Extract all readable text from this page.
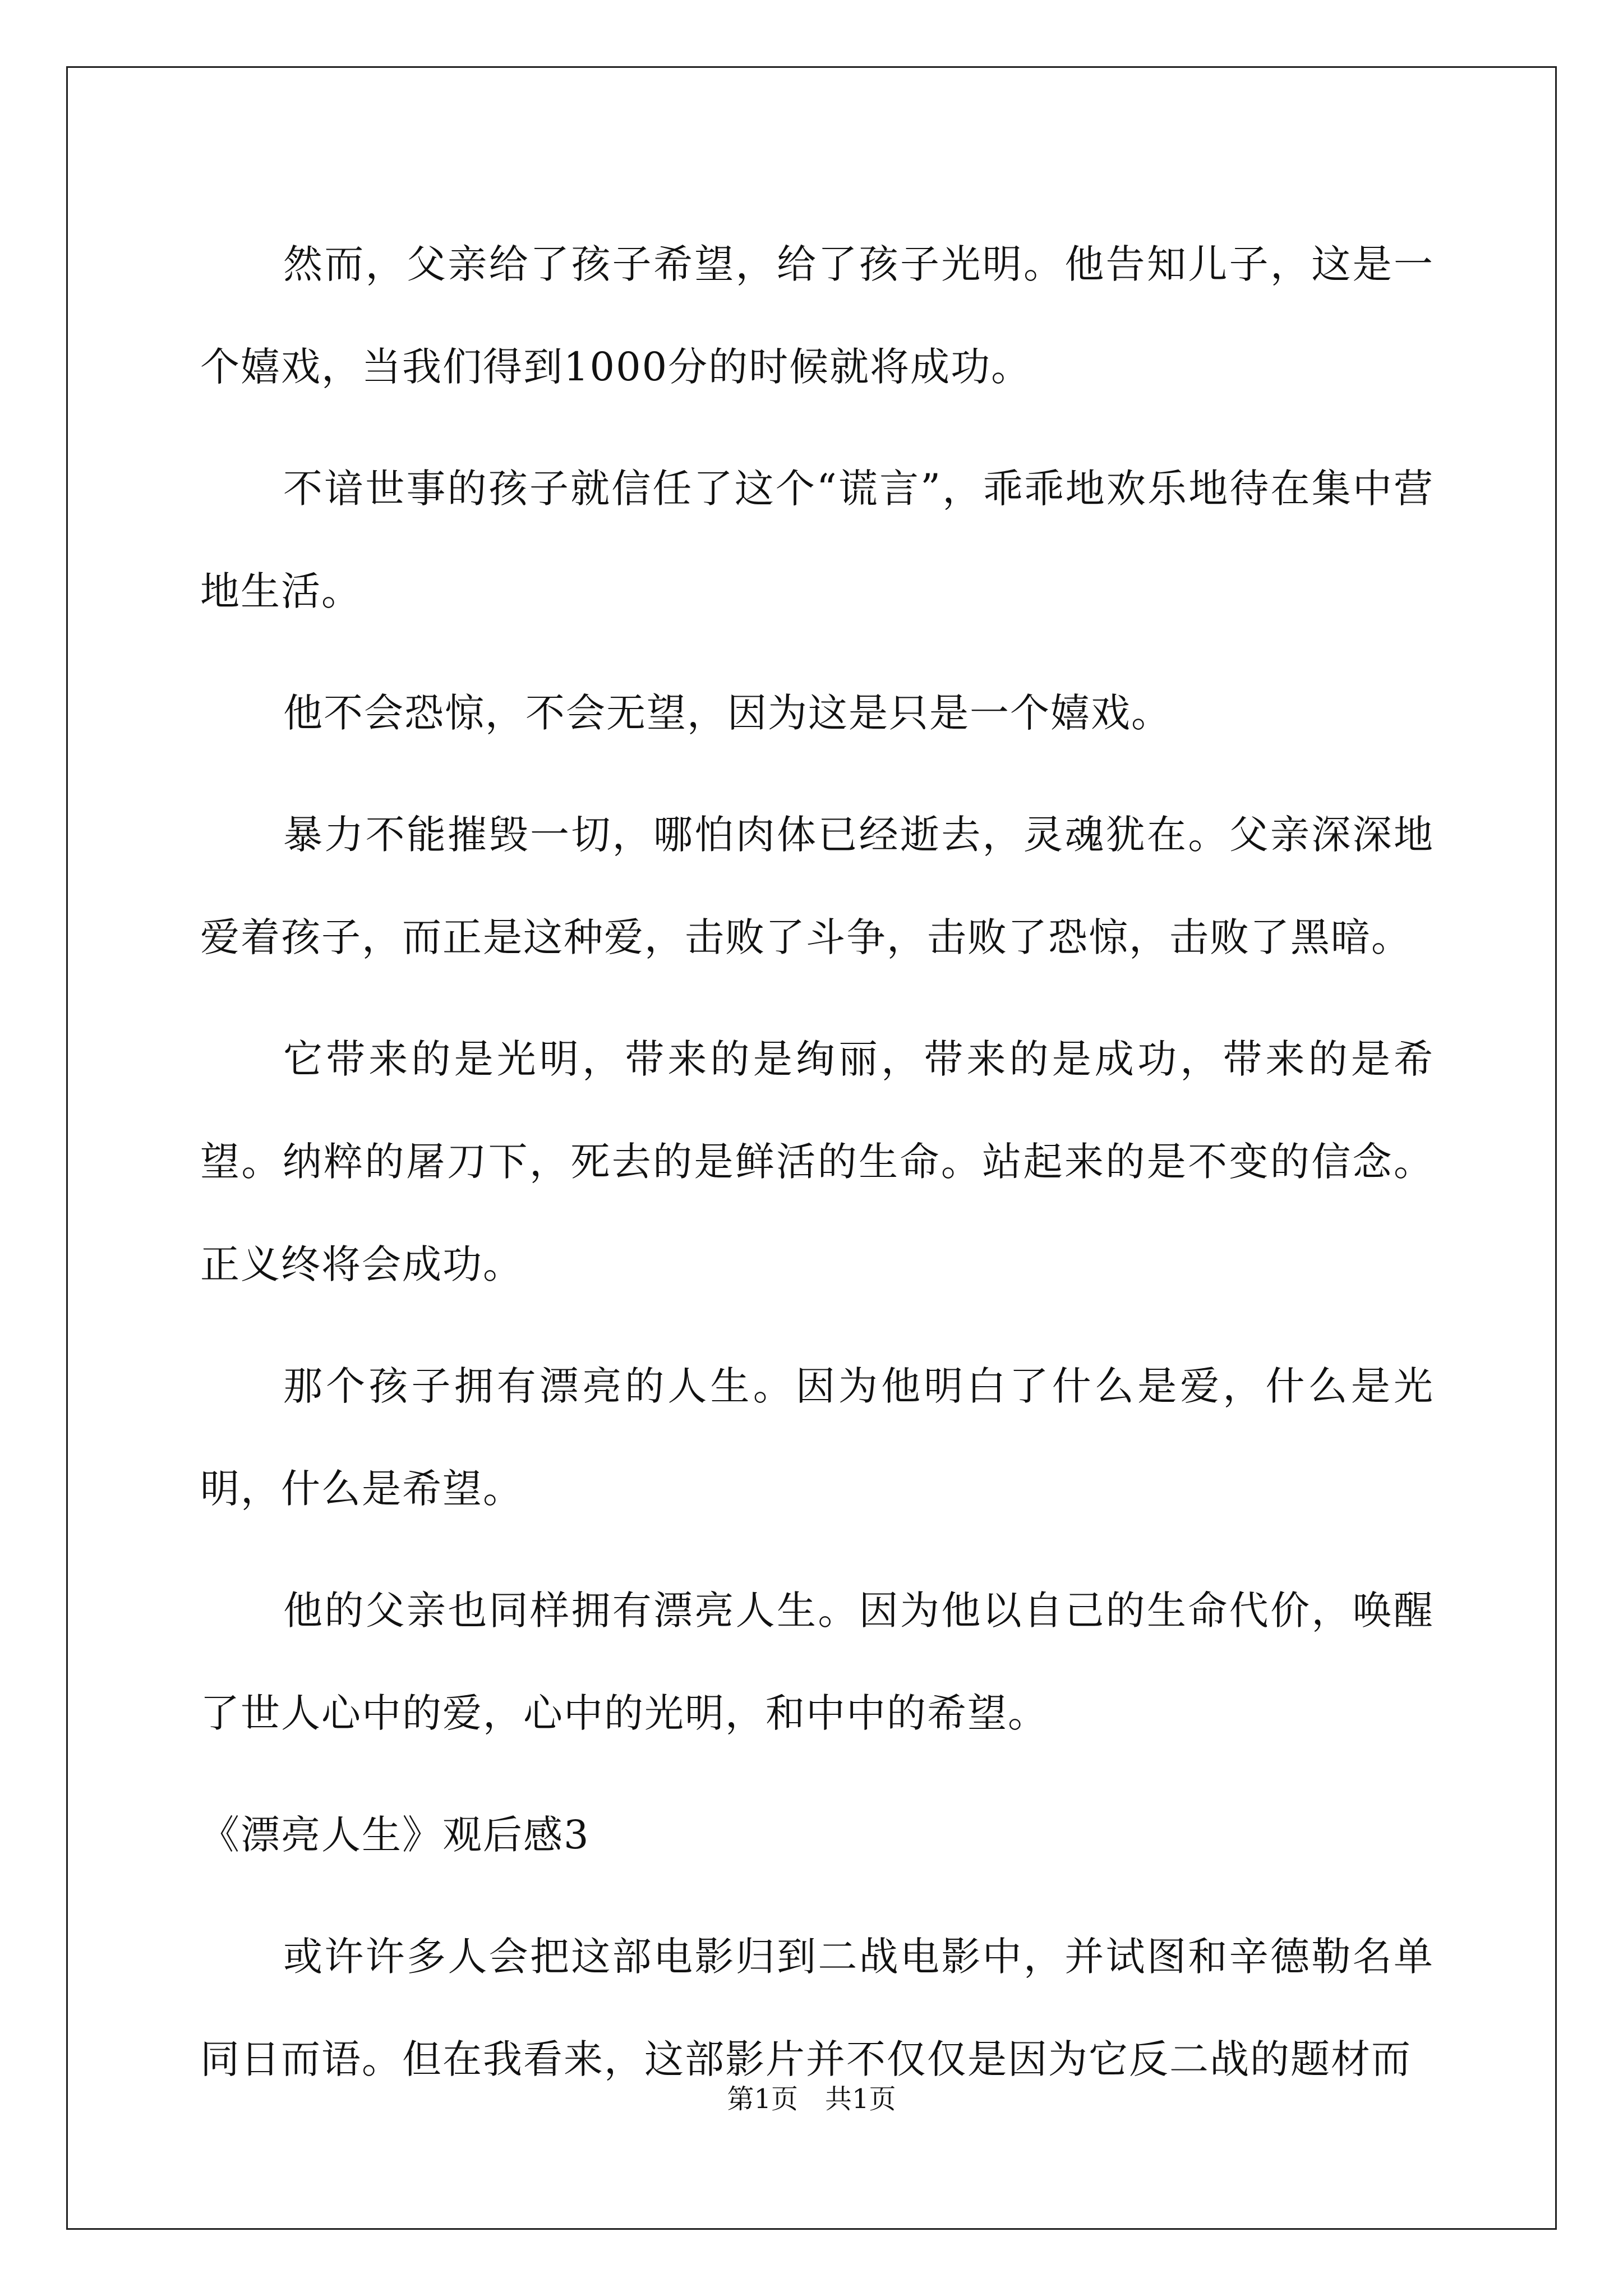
然而，父亲给了孩子希望，给了孩子光明。他告知儿子，这是一个嬉戏，当我们得到1000分的时候就将成功。

不谙世事的孩子就信任了这个“谎言”，乖乖地欢乐地待在集中营地生活。

他不会恐惊，不会无望，因为这是只是一个嬉戏。

暴力不能摧毁一切，哪怕肉体已经逝去，灵魂犹在。父亲深深地爱着孩子，而正是这种爱，击败了斗争，击败了恐惊，击败了黑暗。

它带来的是光明，带来的是绚丽，带来的是成功，带来的是希望。纳粹的屠刀下，死去的是鲜活的生命。站起来的是不变的信念。正义终将会成功。

那个孩子拥有漂亮的人生。因为他明白了什么是爱，什么是光明，什么是希望。

他的父亲也同样拥有漂亮人生。因为他以自己的生命代价，唤醒了世人心中的爱，心中的光明，和中中的希望。

《漂亮人生》观后感3

或许许多人会把这部电影归到二战电影中，并试图和辛德勒名单同日而语。但在我看来，这部影片并不仅仅是因为它反二战的题材而

第1页 共1页
